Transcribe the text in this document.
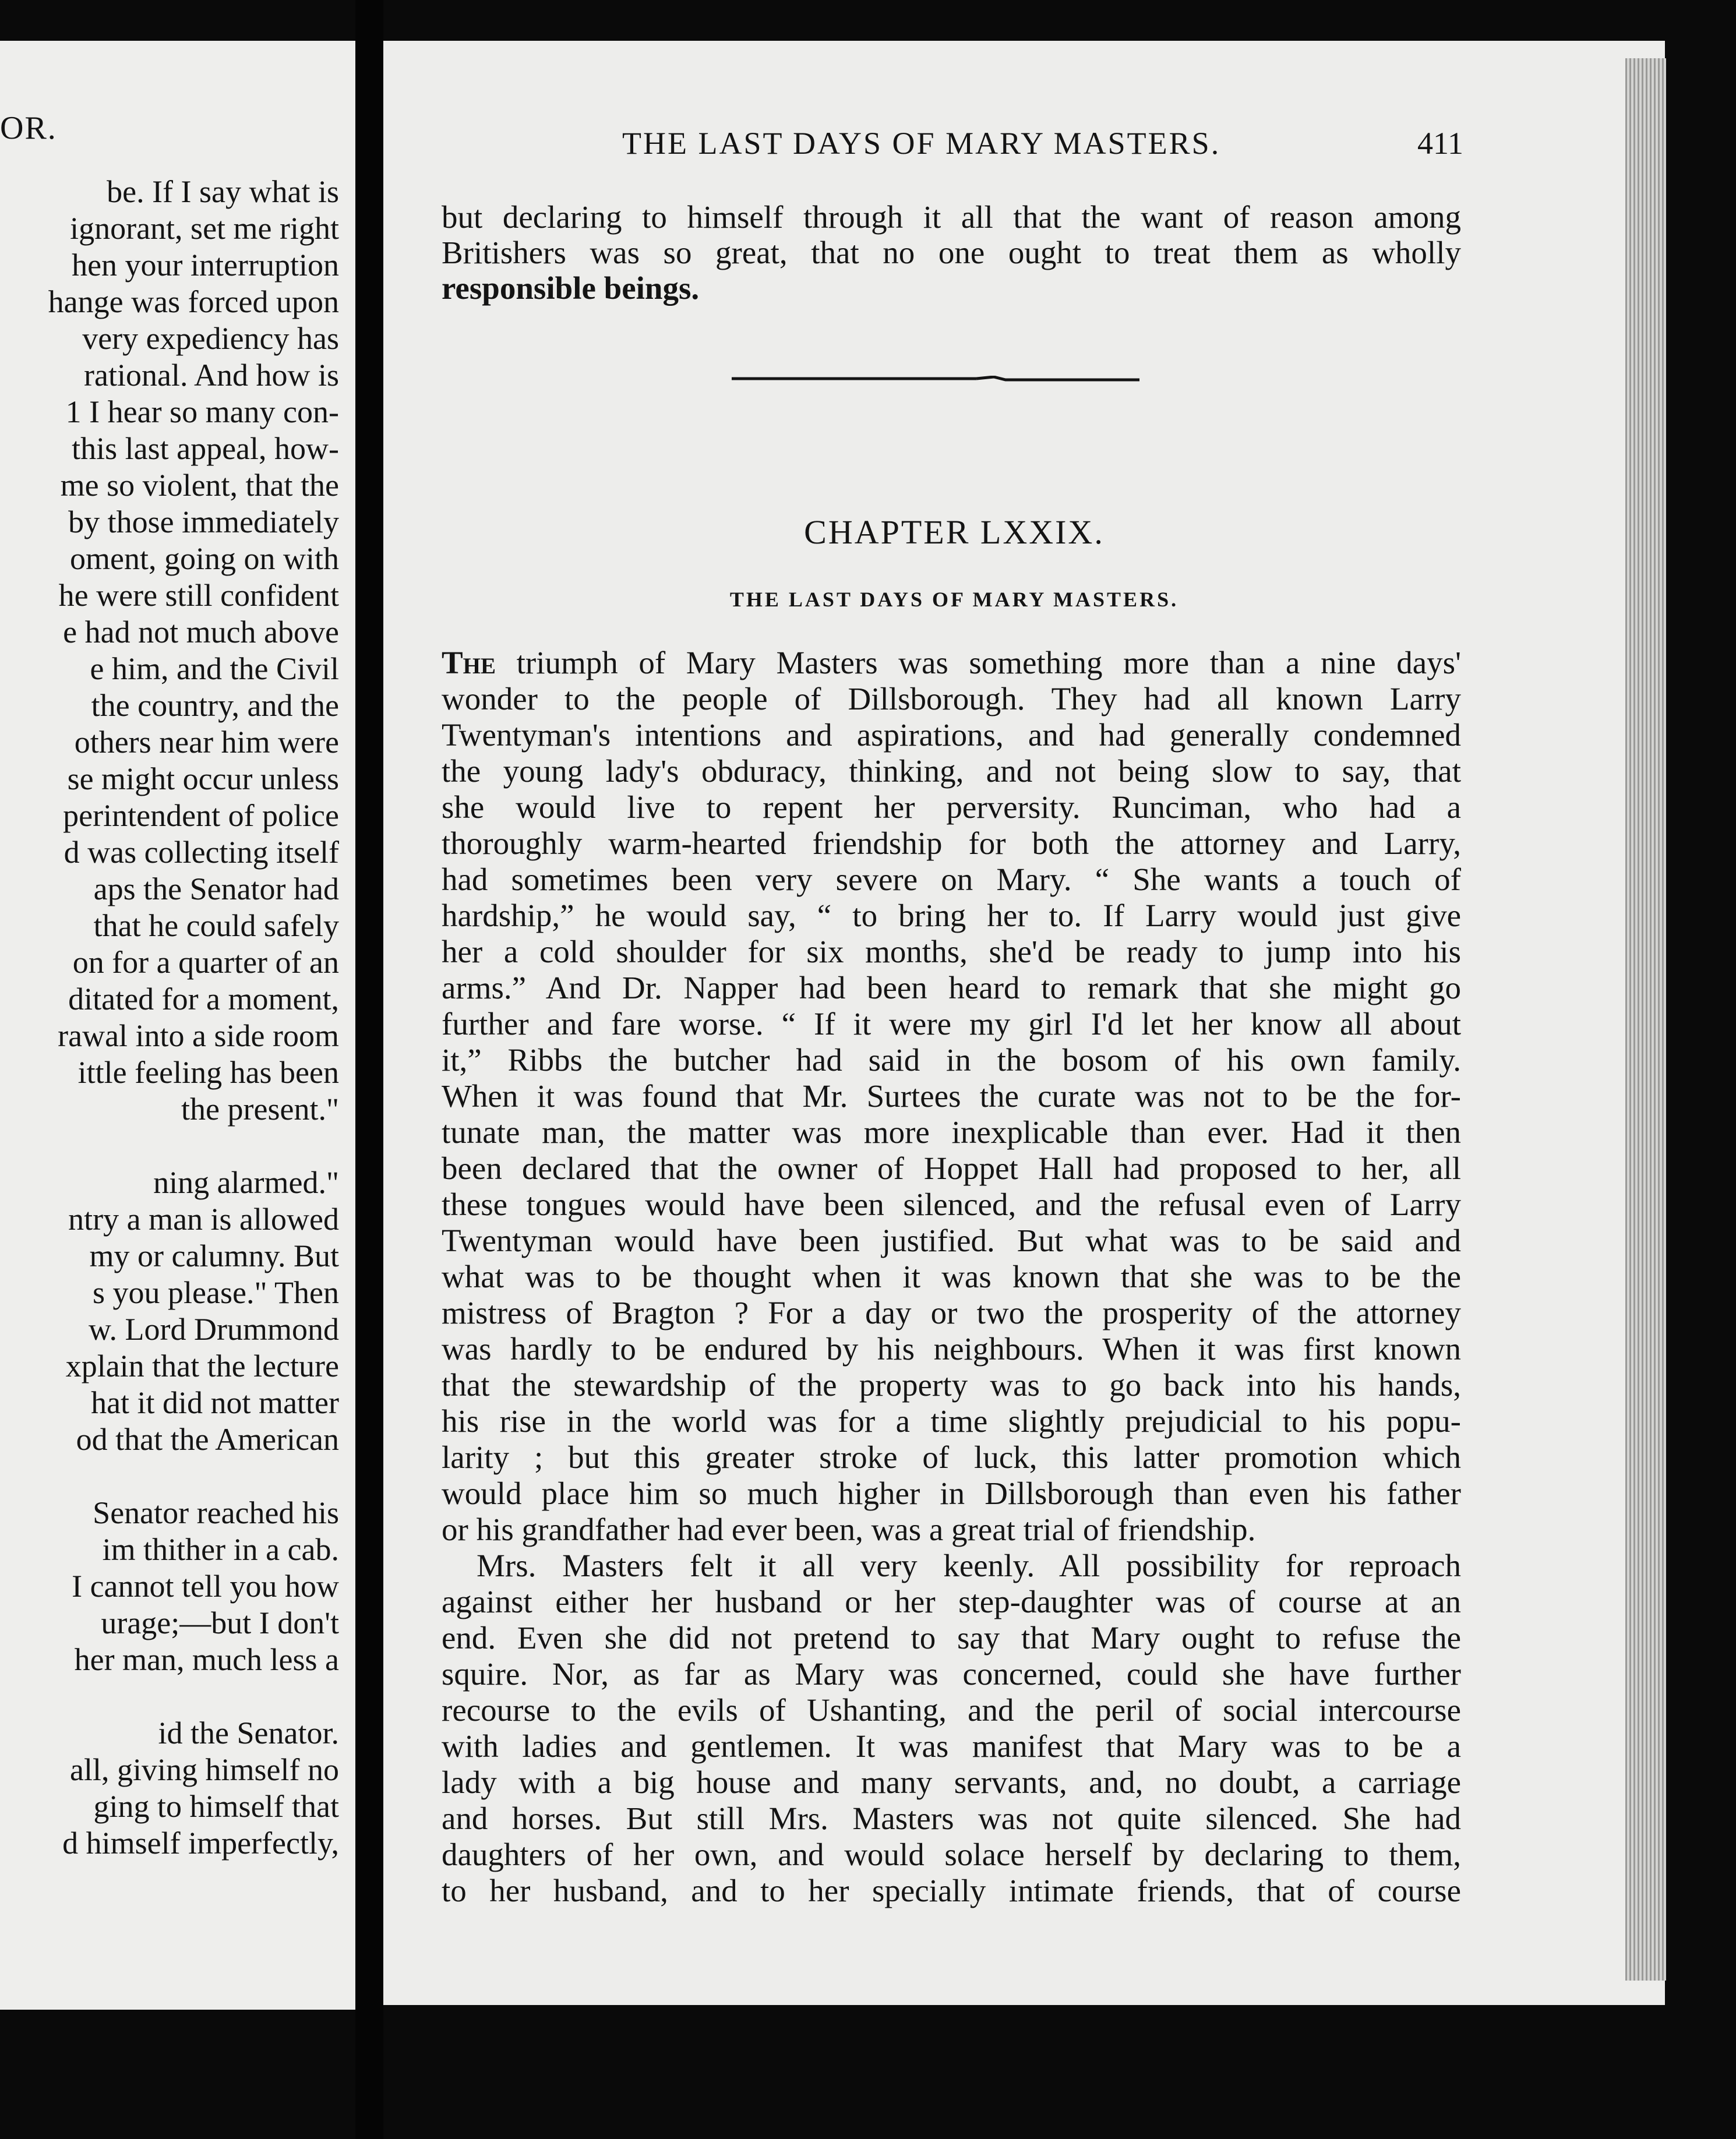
OR.
be. If I say what is
ignorant, set me right
hen your interruption
hange was forced upon
very expediency has
rational. And how is
1 I hear so many con-
this last appeal, how-
me so violent, that the
by those immediately
oment, going on with
he were still confident
e had not much above
e him, and the Civil
the country, and the
others near him were
se might occur unless
perintendent of police
d was collecting itself
aps the Senator had
that he could safely
on for a quarter of an
ditated for a moment,
rawal into a side room
ittle feeling has been
the present."
ning alarmed."
ntry a man is allowed
my or calumny. But
s you please." Then
w. Lord Drummond
xplain that the lecture
hat it did not matter
od that the American
Senator reached his
im thither in a cab.
I cannot tell you how
urage;—but I don't
her man, much less a
id the Senator.
all, giving himself no
ging to himself that
d himself imperfectly,
THE LAST DAYS OF MARY MASTERS.	411
but declaring to himself through it all that the want of reason among
Britishers was so great, that no one ought to treat them as wholly
responsible beings.
CHAPTER LXXIX.
THE LAST DAYS OF MARY MASTERS.
The triumph of Mary Masters was something more than a nine days'
wonder to the people of Dillsborough. They had all known Larry
Twentyman's intentions and aspirations, and had generally condemned
the young lady's obduracy, thinking, and not being slow to say, that
she would live to repent her perversity. Runciman, who had a
thoroughly warm-hearted friendship for both the attorney and Larry,
had sometimes been very severe on Mary. “ She wants a touch of
hardship,” he would say, “ to bring her to. If Larry would just give
her a cold shoulder for six months, she'd be ready to jump into his
arms.” And Dr. Napper had been heard to remark that she might go
further and fare worse. “ If it were my girl I'd let her know all about
it,” Ribbs the butcher had said in the bosom of his own family.
When it was found that Mr. Surtees the curate was not to be the for-
tunate man, the matter was more inexplicable than ever. Had it then
been declared that the owner of Hoppet Hall had proposed to her, all
these tongues would have been silenced, and the refusal even of Larry
Twentyman would have been justified. But what was to be said and
what was to be thought when it was known that she was to be the
mistress of Bragton ? For a day or two the prosperity of the attorney
was hardly to be endured by his neighbours. When it was first known
that the stewardship of the property was to go back into his hands,
his rise in the world was for a time slightly prejudicial to his popu-
larity ; but this greater stroke of luck, this latter promotion which
would place him so much higher in Dillsborough than even his father
or his grandfather had ever been, was a great trial of friendship.
Mrs. Masters felt it all very keenly. All possibility for reproach
against either her husband or her step-daughter was of course at an
end. Even she did not pretend to say that Mary ought to refuse the
squire. Nor, as far as Mary was concerned, could she have further
recourse to the evils of Ushanting, and the peril of social intercourse
with ladies and gentlemen. It was manifest that Mary was to be a
lady with a big house and many servants, and, no doubt, a carriage
and horses. But still Mrs. Masters was not quite silenced. She had
daughters of her own, and would solace herself by declaring to them,
to her husband, and to her specially intimate friends, that of course
